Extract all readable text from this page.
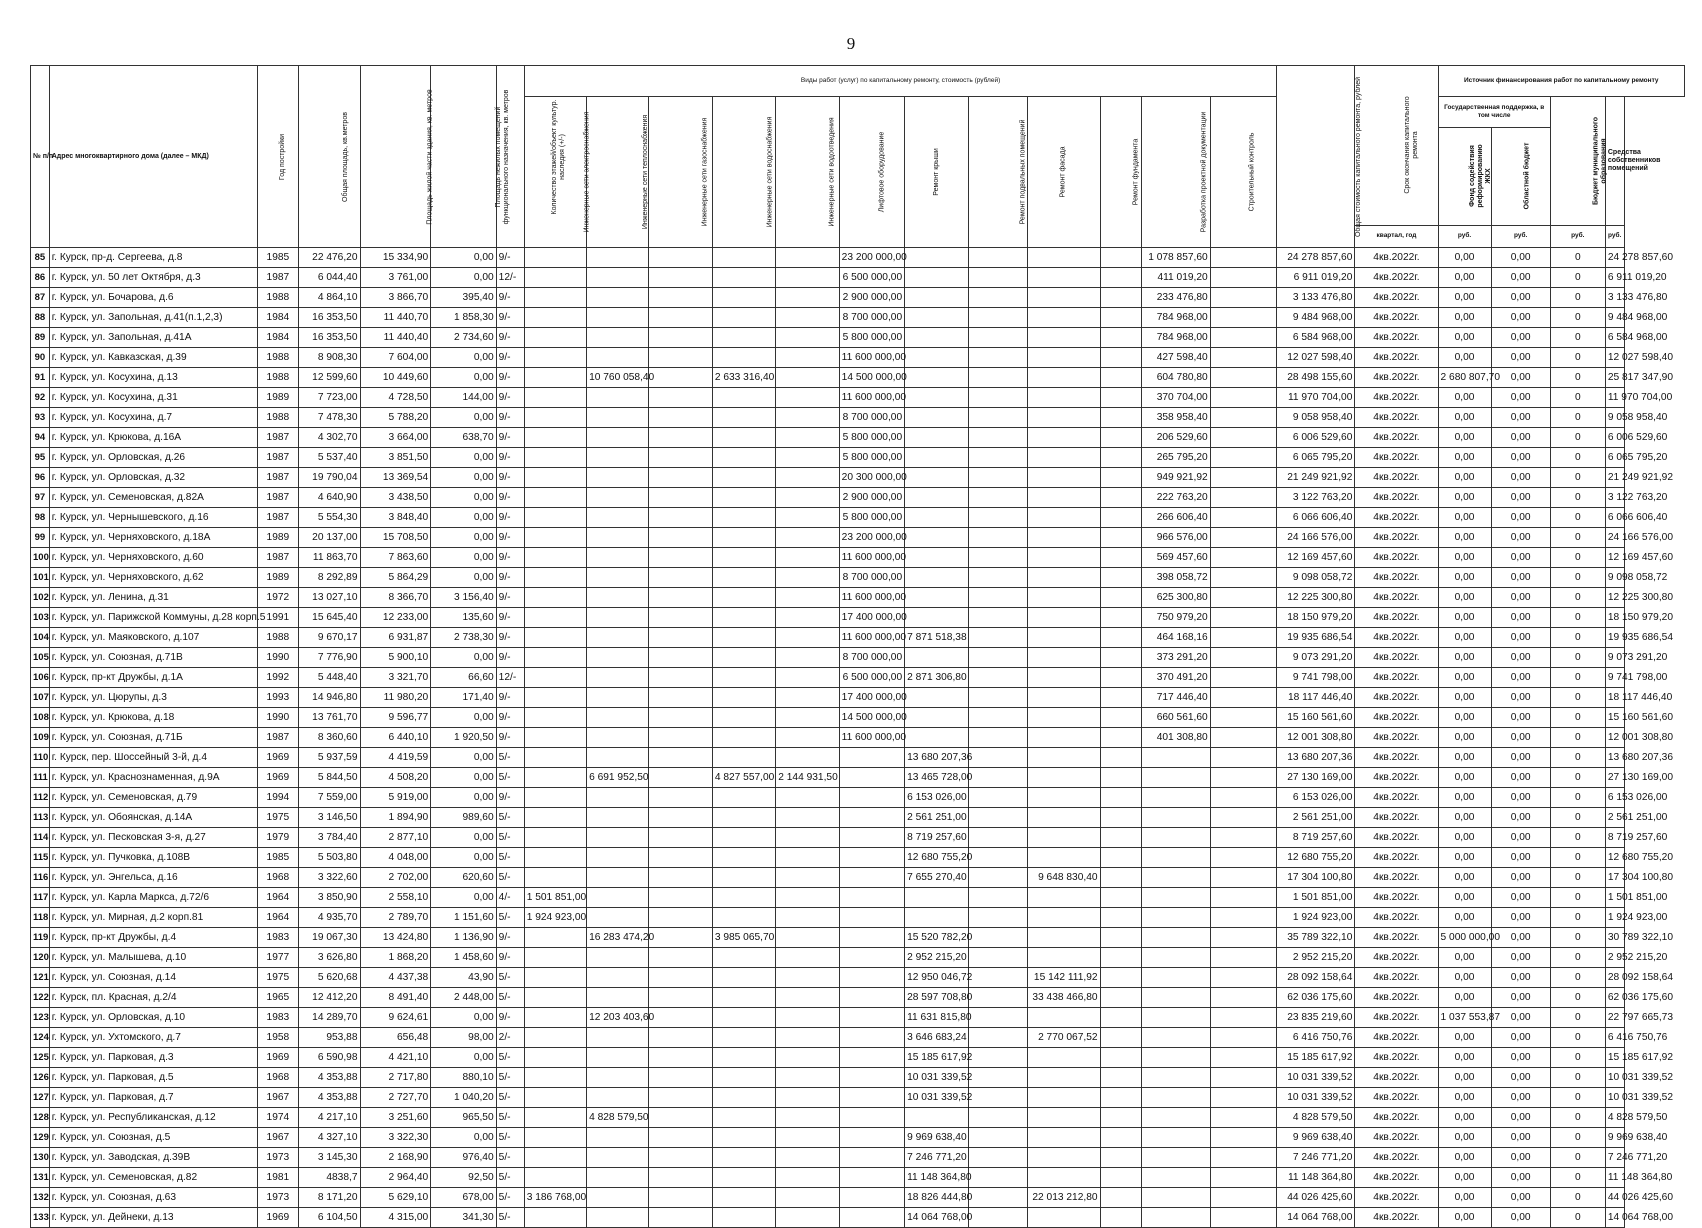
9
№ п/п	Адрес многоквартирного дома (далее – МКД)	Год постройки	Общая площадь, кв.метров	Площадь жилой части здания, кв. метров	Площадь нежилых помещений функционального назначения, кв. метров	Количество этажей/объект культур. наследия (+/-)	Виды работ (услуг) по капитальному ремонту, стоимость (рублей)												Общая стоимость капитального ремонта, рублей	Срок окончания капитального ремонта	Источник финансирования работ по капитальному ремонту			
							Инженерные сети электроснабжения	Инженерные сети теплоснабжения	Инженерные сети газоснабжения	Инженерные сети водоснабжения	Инженерные сети водоотведения	Лифтовое оборудование	Ремонт крыши	Ремонт подвальных помещений	Ремонт фасада	Ремонт фундамента	Разработка проектной документации	Строительный контроль			Государственная поддержка, в том числе		Бюджет муниципального образования	Средства собственников помещений
																					Фонд содействия реформированию ЖКХ	Областной бюджет		
																				квартал, год	руб.	руб.	руб.	руб.
85	г. Курск, пр-д. Сергеева, д.8	1985	22 476,20	15 334,90	0,00	9/-						23 200 000,00					1 078 857,60		24 278 857,60	4кв.2022г.	0,00	0,00	0	24 278 857,60
86	г. Курск, ул. 50 лет Октября, д.3	1987	6 044,40	3 761,00	0,00	12/-						6 500 000,00					411 019,20		6 911 019,20	4кв.2022г.	0,00	0,00	0	6 911 019,20
87	г. Курск, ул. Бочарова, д.6	1988	4 864,10	3 866,70	395,40	9/-						2 900 000,00					233 476,80		3 133 476,80	4кв.2022г.	0,00	0,00	0	3 133 476,80
88	г. Курск, ул. Запольная, д.41(п.1,2,3)	1984	16 353,50	11 440,70	1 858,30	9/-						8 700 000,00					784 968,00		9 484 968,00	4кв.2022г.	0,00	0,00	0	9 484 968,00
89	г. Курск, ул. Запольная, д.41А	1984	16 353,50	11 440,40	2 734,60	9/-						5 800 000,00					784 968,00		6 584 968,00	4кв.2022г.	0,00	0,00	0	6 584 968,00
90	г. Курск, ул. Кавказская, д.39	1988	8 908,30	7 604,00	0,00	9/-						11 600 000,00					427 598,40		12 027 598,40	4кв.2022г.	0,00	0,00	0	12 027 598,40
91	г. Курск, ул. Косухина, д.13	1988	12 599,60	10 449,60	0,00	9/-		10 760 058,40		2 633 316,40		14 500 000,00					604 780,80		28 498 155,60	4кв.2022г.	2 680 807,70	0,00	0	25 817 347,90
92	г. Курск, ул. Косухина, д.31	1989	7 723,00	4 728,50	144,00	9/-						11 600 000,00					370 704,00		11 970 704,00	4кв.2022г.	0,00	0,00	0	11 970 704,00
93	г. Курск, ул. Косухина, д.7	1988	7 478,30	5 788,20	0,00	9/-						8 700 000,00					358 958,40		9 058 958,40	4кв.2022г.	0,00	0,00	0	9 058 958,40
94	г. Курск, ул. Крюкова, д.16А	1987	4 302,70	3 664,00	638,70	9/-						5 800 000,00					206 529,60		6 006 529,60	4кв.2022г.	0,00	0,00	0	6 006 529,60
95	г. Курск, ул. Орловская, д.26	1987	5 537,40	3 851,50	0,00	9/-						5 800 000,00					265 795,20		6 065 795,20	4кв.2022г.	0,00	0,00	0	6 065 795,20
96	г. Курск, ул. Орловская, д.32	1987	19 790,04	13 369,54	0,00	9/-						20 300 000,00					949 921,92		21 249 921,92	4кв.2022г.	0,00	0,00	0	21 249 921,92
97	г. Курск, ул. Семеновская, д.82А	1987	4 640,90	3 438,50	0,00	9/-						2 900 000,00					222 763,20		3 122 763,20	4кв.2022г.	0,00	0,00	0	3 122 763,20
98	г. Курск, ул. Чернышевского, д.16	1987	5 554,30	3 848,40	0,00	9/-						5 800 000,00					266 606,40		6 066 606,40	4кв.2022г.	0,00	0,00	0	6 066 606,40
99	г. Курск, ул. Черняховского, д.18А	1989	20 137,00	15 708,50	0,00	9/-						23 200 000,00					966 576,00		24 166 576,00	4кв.2022г.	0,00	0,00	0	24 166 576,00
100	г. Курск, ул. Черняховского, д.60	1987	11 863,70	7 863,60	0,00	9/-						11 600 000,00					569 457,60		12 169 457,60	4кв.2022г.	0,00	0,00	0	12 169 457,60
101	г. Курск, ул. Черняховского, д.62	1989	8 292,89	5 864,29	0,00	9/-						8 700 000,00					398 058,72		9 098 058,72	4кв.2022г.	0,00	0,00	0	9 098 058,72
102	г. Курск, ул. Ленина, д.31	1972	13 027,10	8 366,70	3 156,40	9/-						11 600 000,00					625 300,80		12 225 300,80	4кв.2022г.	0,00	0,00	0	12 225 300,80
103	г. Курск, ул. Парижской Коммуны, д.28 корп.5	1991	15 645,40	12 233,00	135,60	9/-						17 400 000,00					750 979,20		18 150 979,20	4кв.2022г.	0,00	0,00	0	18 150 979,20
104	г. Курск, ул. Маяковского, д.107	1988	9 670,17	6 931,87	2 738,30	9/-						11 600 000,00	7 871 518,38				464 168,16		19 935 686,54	4кв.2022г.	0,00	0,00	0	19 935 686,54
105	г. Курск, ул. Союзная, д.71В	1990	7 776,90	5 900,10	0,00	9/-						8 700 000,00					373 291,20		9 073 291,20	4кв.2022г.	0,00	0,00	0	9 073 291,20
106	г. Курск, пр-кт Дружбы, д.1А	1992	5 448,40	3 321,70	66,60	12/-						6 500 000,00	2 871 306,80				370 491,20		9 741 798,00	4кв.2022г.	0,00	0,00	0	9 741 798,00
107	г. Курск, ул. Цюрупы, д.3	1993	14 946,80	11 980,20	171,40	9/-						17 400 000,00					717 446,40		18 117 446,40	4кв.2022г.	0,00	0,00	0	18 117 446,40
108	г. Курск, ул. Крюкова, д.18	1990	13 761,70	9 596,77	0,00	9/-						14 500 000,00					660 561,60		15 160 561,60	4кв.2022г.	0,00	0,00	0	15 160 561,60
109	г. Курск, ул. Союзная, д.71Б	1987	8 360,60	6 440,10	1 920,50	9/-						11 600 000,00					401 308,80		12 001 308,80	4кв.2022г.	0,00	0,00	0	12 001 308,80
110	г. Курск, пер. Шоссейный 3-й, д.4	1969	5 937,59	4 419,59	0,00	5/-							13 680 207,36						13 680 207,36	4кв.2022г.	0,00	0,00	0	13 680 207,36
111	г. Курск, ул. Краснознаменная, д.9А	1969	5 844,50	4 508,20	0,00	5/-		6 691 952,50		4 827 557,00	2 144 931,50		13 465 728,00						27 130 169,00	4кв.2022г.	0,00	0,00	0	27 130 169,00
112	г. Курск, ул. Семеновская, д.79	1994	7 559,00	5 919,00	0,00	9/-							6 153 026,00						6 153 026,00	4кв.2022г.	0,00	0,00	0	6 153 026,00
113	г. Курск, ул. Обоянская, д.14А	1975	3 146,50	1 894,90	989,60	5/-							2 561 251,00						2 561 251,00	4кв.2022г.	0,00	0,00	0	2 561 251,00
114	г. Курск, ул. Песковская 3-я, д.27	1979	3 784,40	2 877,10	0,00	5/-							8 719 257,60						8 719 257,60	4кв.2022г.	0,00	0,00	0	8 719 257,60
115	г. Курск, ул. Пучковка, д.108В	1985	5 503,80	4 048,00	0,00	5/-							12 680 755,20						12 680 755,20	4кв.2022г.	0,00	0,00	0	12 680 755,20
116	г. Курск, ул. Энгельса, д.16	1968	3 322,60	2 702,00	620,60	5/-							7 655 270,40		9 648 830,40				17 304 100,80	4кв.2022г.	0,00	0,00	0	17 304 100,80
117	г. Курск, ул. Карла Маркса, д.72/6	1964	3 850,90	2 558,10	0,00	4/-	1 501 851,00												1 501 851,00	4кв.2022г.	0,00	0,00	0	1 501 851,00
118	г. Курск, ул. Мирная, д.2 корп.81	1964	4 935,70	2 789,70	1 151,60	5/-	1 924 923,00												1 924 923,00	4кв.2022г.	0,00	0,00	0	1 924 923,00
119	г. Курск, пр-кт Дружбы, д.4	1983	19 067,30	13 424,80	1 136,90	9/-		16 283 474,20		3 985 065,70			15 520 782,20						35 789 322,10	4кв.2022г.	5 000 000,00	0,00	0	30 789 322,10
120	г. Курск, ул. Малышева, д.10	1977	3 626,80	1 868,20	1 458,60	9/-							2 952 215,20						2 952 215,20	4кв.2022г.	0,00	0,00	0	2 952 215,20
121	г. Курск, ул. Союзная, д.14	1975	5 620,68	4 437,38	43,90	5/-							12 950 046,72		15 142 111,92				28 092 158,64	4кв.2022г.	0,00	0,00	0	28 092 158,64
122	г. Курск, пл. Красная, д.2/4	1965	12 412,20	8 491,40	2 448,00	5/-							28 597 708,80		33 438 466,80				62 036 175,60	4кв.2022г.	0,00	0,00	0	62 036 175,60
123	г. Курск, ул. Орловская, д.10	1983	14 289,70	9 624,61	0,00	9/-		12 203 403,60					11 631 815,80						23 835 219,60	4кв.2022г.	1 037 553,87	0,00	0	22 797 665,73
124	г. Курск, ул. Ухтомского, д.7	1958	953,88	656,48	98,00	2/-							3 646 683,24		2 770 067,52				6 416 750,76	4кв.2022г.	0,00	0,00	0	6 416 750,76
125	г. Курск, ул. Парковая, д.3	1969	6 590,98	4 421,10	0,00	5/-							15 185 617,92						15 185 617,92	4кв.2022г.	0,00	0,00	0	15 185 617,92
126	г. Курск, ул. Парковая, д.5	1968	4 353,88	2 717,80	880,10	5/-							10 031 339,52						10 031 339,52	4кв.2022г.	0,00	0,00	0	10 031 339,52
127	г. Курск, ул. Парковая, д.7	1967	4 353,88	2 727,70	1 040,20	5/-							10 031 339,52						10 031 339,52	4кв.2022г.	0,00	0,00	0	10 031 339,52
128	г. Курск, ул. Республиканская, д.12	1974	4 217,10	3 251,60	965,50	5/-		4 828 579,50											4 828 579,50	4кв.2022г.	0,00	0,00	0	4 828 579,50
129	г. Курск, ул. Союзная, д.5	1967	4 327,10	3 322,30	0,00	5/-							9 969 638,40						9 969 638,40	4кв.2022г.	0,00	0,00	0	9 969 638,40
130	г. Курск, ул. Заводская, д.39В	1973	3 145,30	2 168,90	976,40	5/-							7 246 771,20						7 246 771,20	4кв.2022г.	0,00	0,00	0	7 246 771,20
131	г. Курск, ул. Семеновская, д.82	1981	4838,7	2 964,40	92,50	5/-							11 148 364,80						11 148 364,80	4кв.2022г.	0,00	0,00	0	11 148 364,80
132	г. Курск, ул. Союзная, д.63	1973	8 171,20	5 629,10	678,00	5/-	3 186 768,00						18 826 444,80		22 013 212,80				44 026 425,60	4кв.2022г.	0,00	0,00	0	44 026 425,60
133	г. Курск, ул. Дейнеки, д.13	1969	6 104,50	4 315,00	341,30	5/-							14 064 768,00						14 064 768,00	4кв.2022г.	0,00	0,00	0	14 064 768,00
